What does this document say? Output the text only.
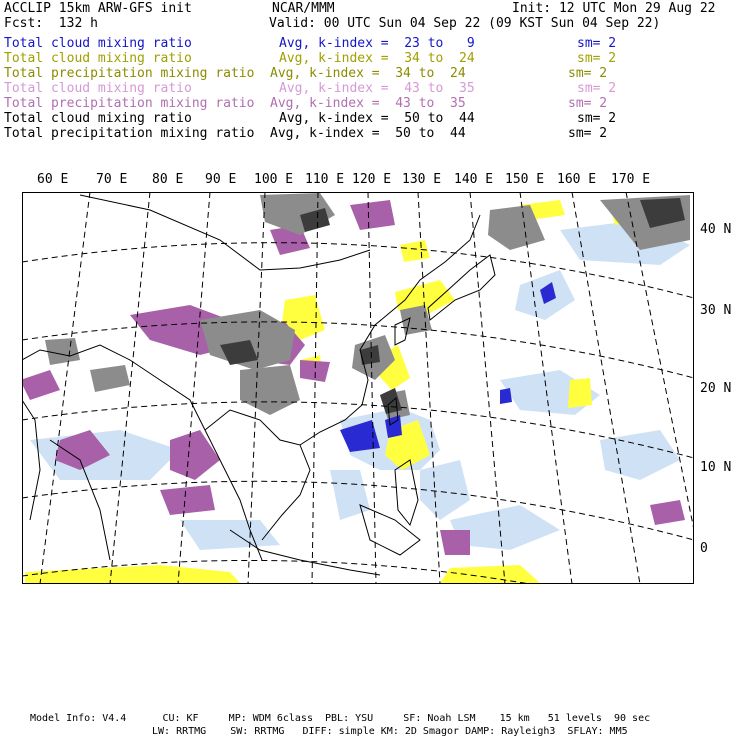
ACCLIP 15km ARW-GFS init	NCAR/MMM	Init: 12 UTC Mon 29 Aug 22
Fcst:  132 h	Valid: 00 UTC Sun 04 Sep 22 (09 KST Sun 04 Sep 22)
Total cloud mixing ratio	Avg, k-index =  23 to   9	sm= 2
Total cloud mixing ratio	Avg, k-index =  34 to  24	sm= 2
Total precipitation mixing ratio Avg, k-index =  34 to  24	sm= 2
Total cloud mixing ratio	Avg, k-index =  43 to  35	sm= 2
Total precipitation mixing ratio Avg, k-index =  43 to  35	sm= 2
Total cloud mixing ratio	Avg, k-index =  50 to  44	sm= 2
Total precipitation mixing ratio Avg, k-index =  50 to  44	sm= 2
60 E 70 E 80 E 90 E 100 E 110 E 120 E 130 E 140 E 150 E 160 E 170 E
40 N
30 N
20 N
10 N
0
Model Info: V4.4      CU: KF     MP: WDM 6class  PBL: YSU     SF: Noah LSM    15 km   51 levels  90 sec
LW: RRTMG    SW: RRTMG   DIFF: simple KM: 2D Smagor DAMP: Rayleigh3  SFLAY: MM5
